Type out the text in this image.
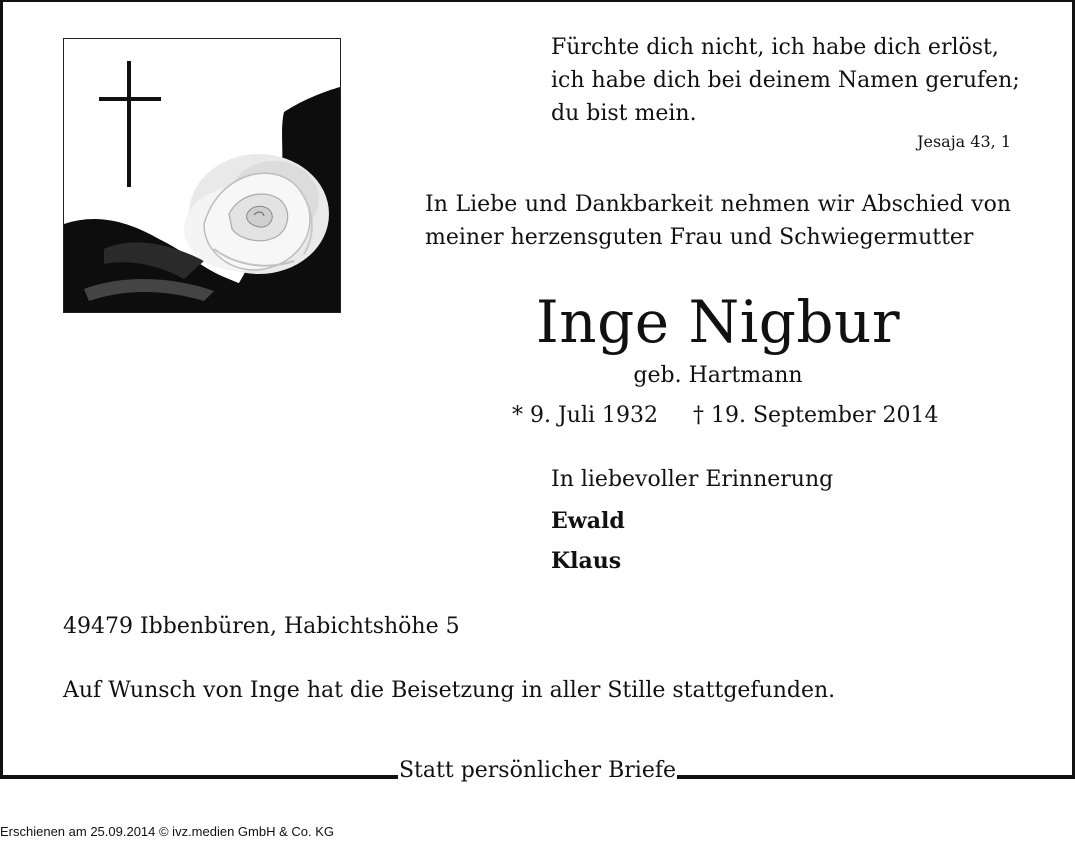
Statt persönlicher Briefe
Fürchte dich nicht, ich habe dich erlöst,
ich habe dich bei deinem Namen gerufen;
du bist mein.
Jesaja 43, 1
In Liebe und Dankbarkeit nehmen wir Abschied von
meiner herzensguten Frau und Schwiegermutter
Inge Nigbur
geb. Hartmann
* 9. Juli 1932 † 19. September 2014
In liebevoller Erinnerung
Ewald
Klaus
49479 Ibbenbüren, Habichtshöhe 5
Auf Wunsch von Inge hat die Beisetzung in aller Stille stattgefunden.
Erschienen am 25.09.2014 © ivz.medien GmbH & Co. KG
